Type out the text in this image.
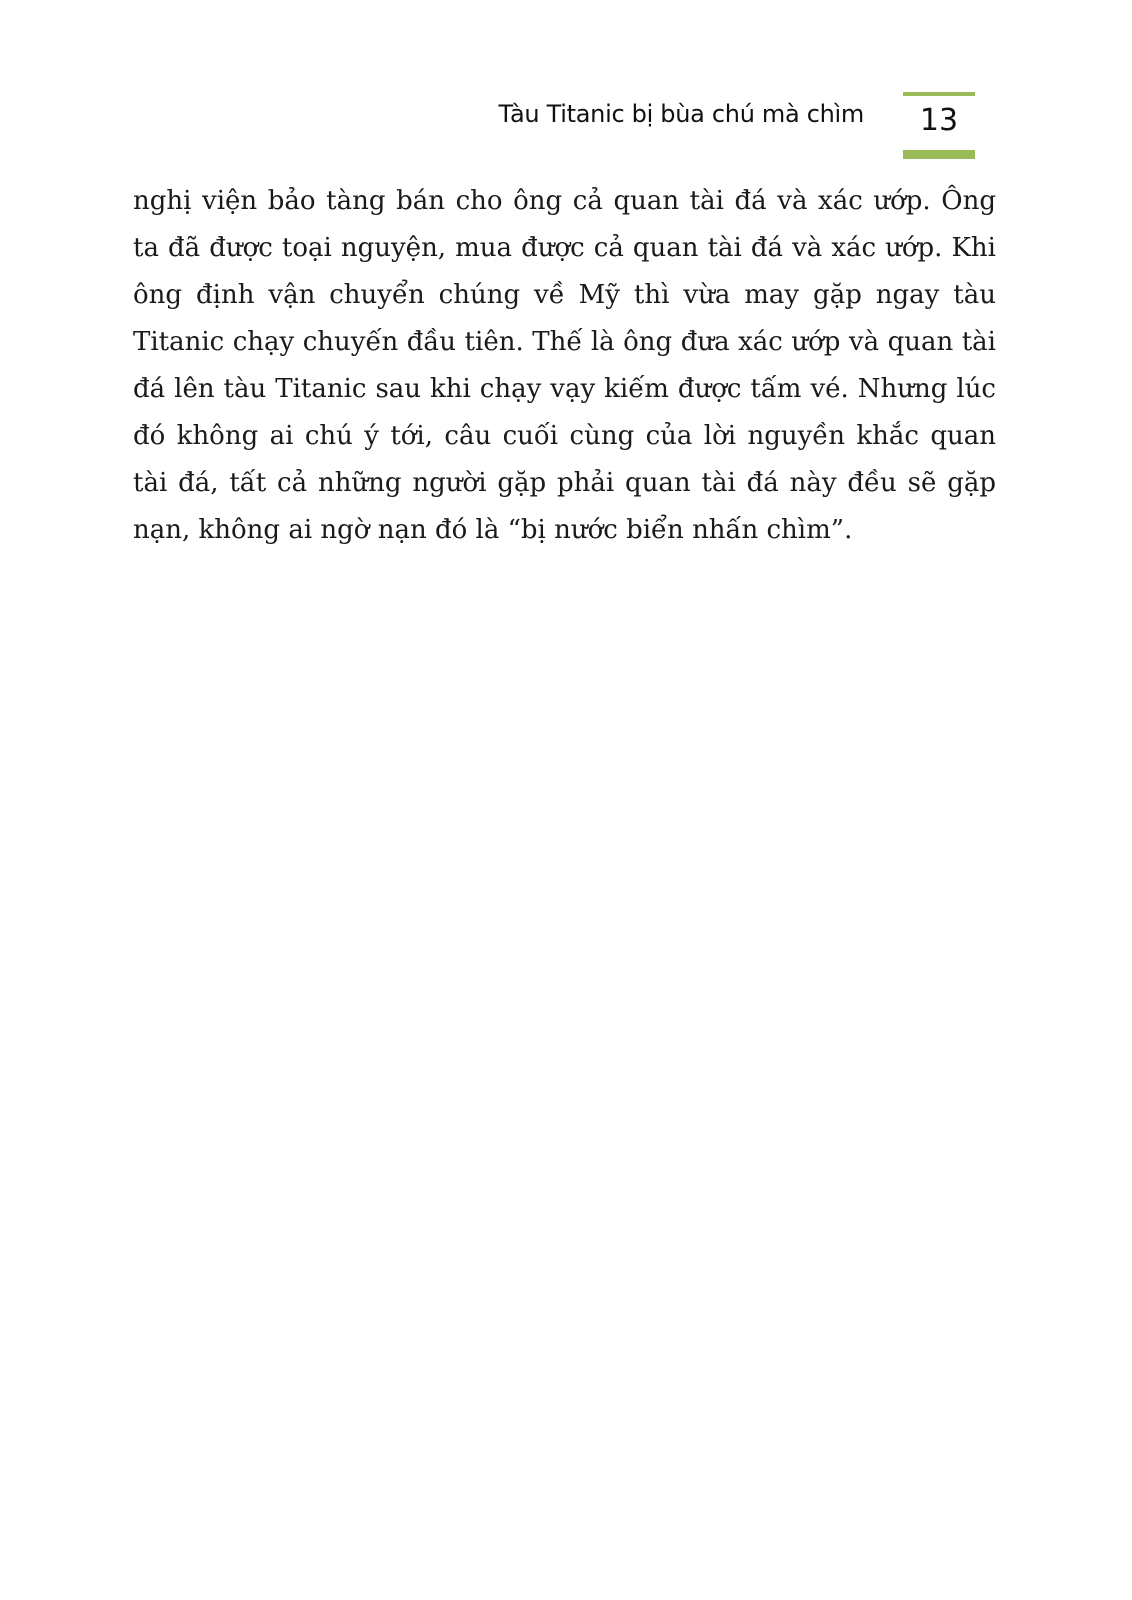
Tàu Titanic bị bùa chú mà chìm	13

nghị viện bảo tàng bán cho ông cả quan tài đá và xác ướp. Ông ta đã được toại nguyện, mua được cả quan tài đá và xác ướp. Khi ông định vận chuyển chúng về Mỹ thì vừa may gặp ngay tàu Titanic chạy chuyến đầu tiên. Thế là ông đưa xác ướp và quan tài đá lên tàu Titanic sau khi chạy vạy kiếm được tấm vé. Nhưng lúc đó không ai chú ý tới, câu cuối cùng của lời nguyền khắc quan tài đá, tất cả những người gặp phải quan tài đá này đều sẽ gặp nạn, không ai ngờ nạn đó là “bị nước biển nhấn chìm”.
